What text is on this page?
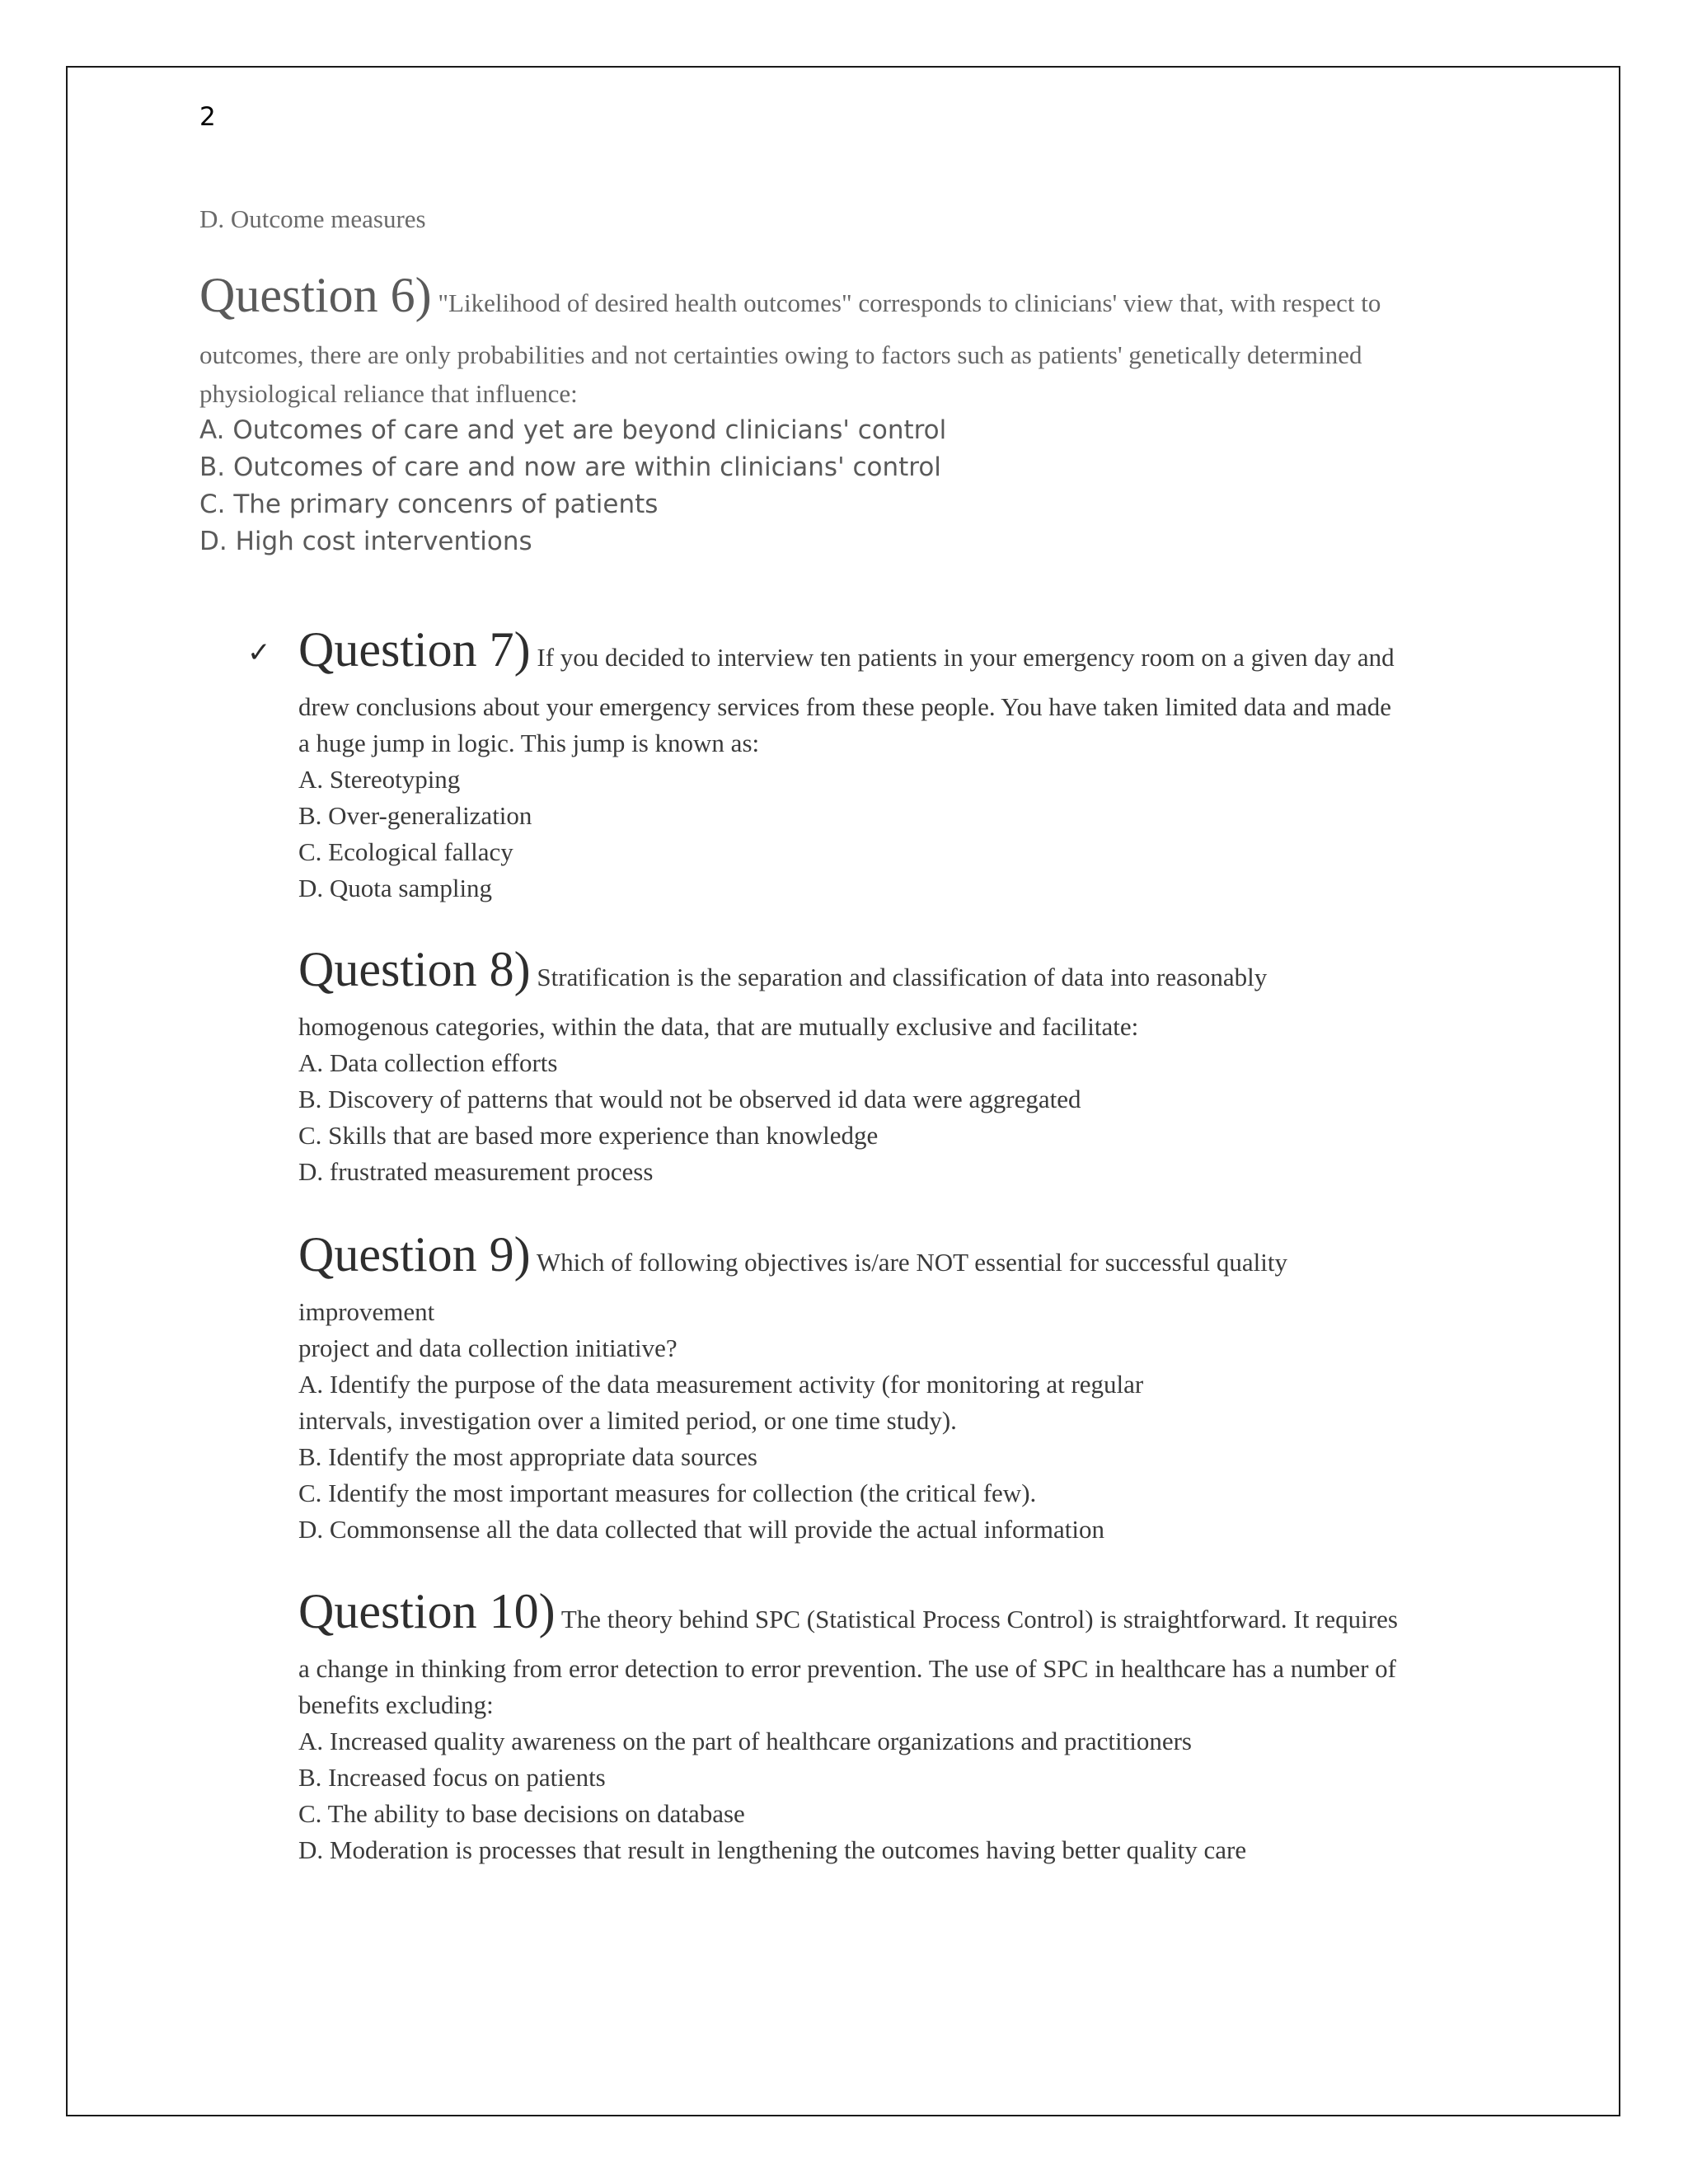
2
D. Outcome measures
Question 6) "Likelihood of desired health outcomes" corresponds to clinicians' view that, with respect to
outcomes, there are only probabilities and not certainties owing to factors such as patients' genetically determined
physiological reliance that influence:
A. Outcomes of care and yet are beyond clinicians' control
B. Outcomes of care and now are within clinicians' control
C. The primary concenrs of patients
D. High cost interventions
✓ Question 7) If you decided to interview ten patients in your emergency room on a given day and
drew conclusions about your emergency services from these people. You have taken limited data and made
a huge jump in logic. This jump is known as:
A. Stereotyping
B. Over-generalization
C. Ecological fallacy
D. Quota sampling
Question 8) Stratification is the separation and classification of data into reasonably
homogenous categories, within the data, that are mutually exclusive and facilitate:
A. Data collection efforts
B. Discovery of patterns that would not be observed id data were aggregated
C. Skills that are based more experience than knowledge
D. frustrated measurement process
Question 9) Which of following objectives is/are NOT essential for successful quality
improvement
project and data collection initiative?
A. Identify the purpose of the data measurement activity (for monitoring at regular
intervals, investigation over a limited period, or one time study).
B. Identify the most appropriate data sources
C. Identify the most important measures for collection (the critical few).
D. Commonsense all the data collected that will provide the actual information
Question 10) The theory behind SPC (Statistical Process Control) is straightforward. It requires
a change in thinking from error detection to error prevention. The use of SPC in healthcare has a number of
benefits excluding:
A. Increased quality awareness on the part of healthcare organizations and practitioners
B. Increased focus on patients
C. The ability to base decisions on database
D. Moderation is processes that result in lengthening the outcomes having better quality care
